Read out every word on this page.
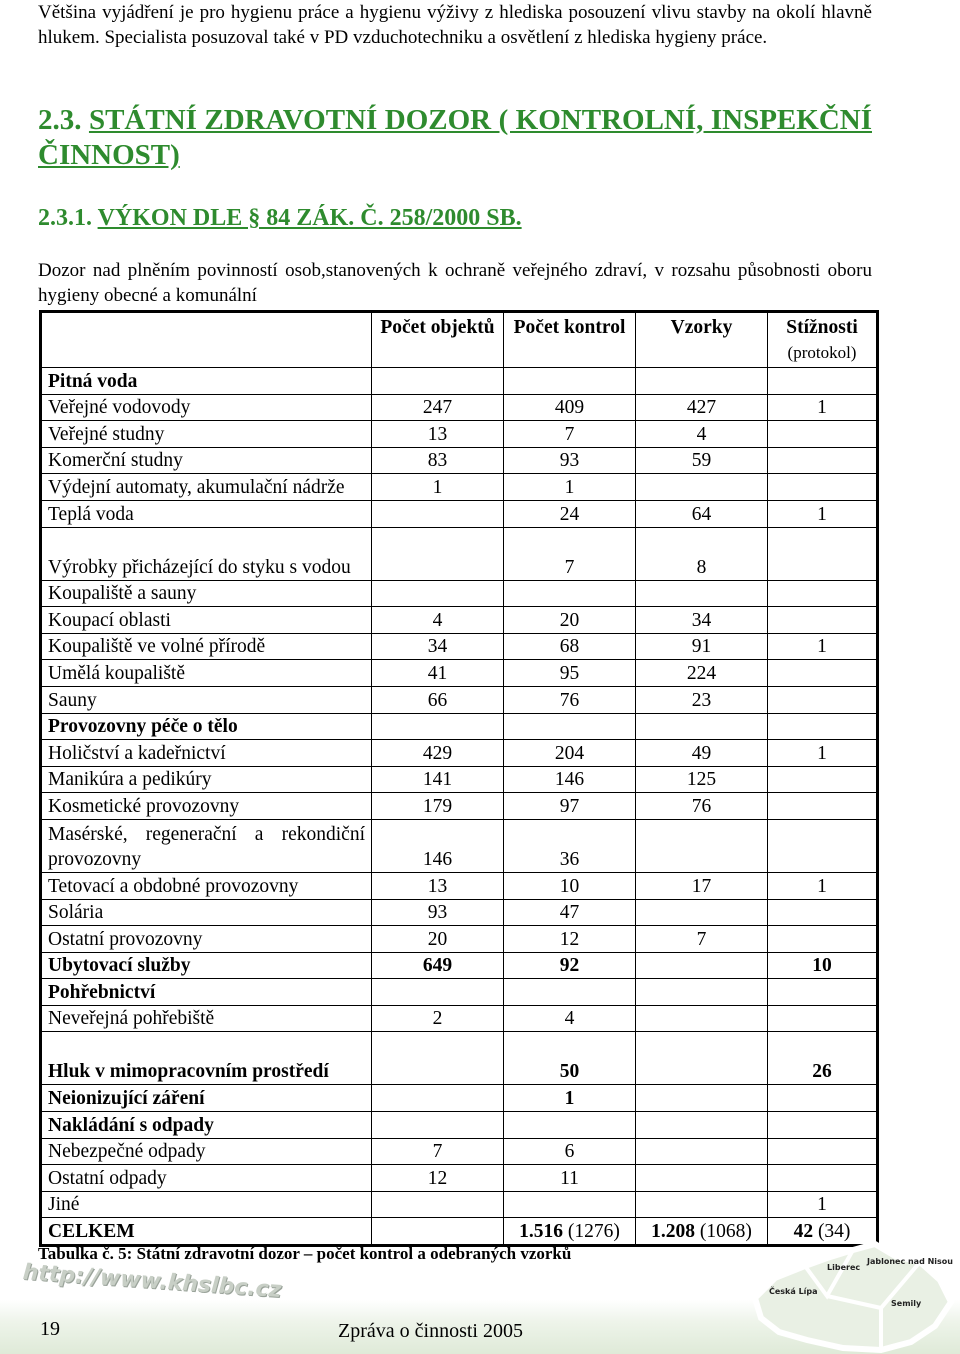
Většina vyjádření je pro hygienu práce a hygienu výživy z hlediska posouzení vlivu stavby na okolí hlavně hlukem. Specialista posuzoval také v PD vzduchotechniku a osvětlení z hlediska hygieny práce.
2.3. STÁTNÍ ZDRAVOTNÍ DOZOR ( KONTROLNÍ, INSPEKČNÍ ČINNOST)
2.3.1. VÝKON DLE § 84 ZÁK. Č. 258/2000 SB.
Dozor nad plněním povinností osob,stanovených k ochraně veřejného zdraví, v rozsahu působnosti oboru hygieny obecné a komunální
	Počet objektů	Počet kontrol	Vzorky	Stížnosti
(protokol)

Pitná voda				
Veřejné vodovody	247	409	427	1
Veřejné studny	13	7	4	
Komerční studny	83	93	59	
Výdejní automaty, akumulační nádrže	1	1		
Teplá voda		24	64	1
Výrobky přicházející do styku s vodou		7	8	
Koupaliště a sauny				
Koupací oblasti	4	20	34	
Koupaliště ve volné přírodě	34	68	91	1
Umělá koupaliště	41	95	224	
Sauny	66	76	23	
Provozovny péče o tělo				
Holičství a kadeřnictví	429	204	49	1
Manikúra a pedikúry	141	146	125	
Kosmetické provozovny	179	97	76	
Masérské, regenerační a rekondiční provozovny	146	36		
Tetovací a obdobné provozovny	13	10	17	1
Solária	93	47		
Ostatní provozovny	20	12	7	
Ubytovací služby	649	92		10
Pohřebnictví				
Neveřejná pohřebiště	2	4		
Hluk v mimopracovním prostředí		50		26
Neionizující záření		1		
Nakládání s odpady				
Nebezpečné odpady	7	6		
Ostatní odpady	12	11		
Jiné				1
CELKEM		1.516 (1276)	1.208 (1068)	42 (34)
Tabulka č. 5: Státní zdravotní dozor – počet kontrol a odebraných vzorků
http://www.khslbc.cz	Liberec
Jablonec nad Nisou
Česká Lípa
Semily
19	Zpráva o činnosti 2005
